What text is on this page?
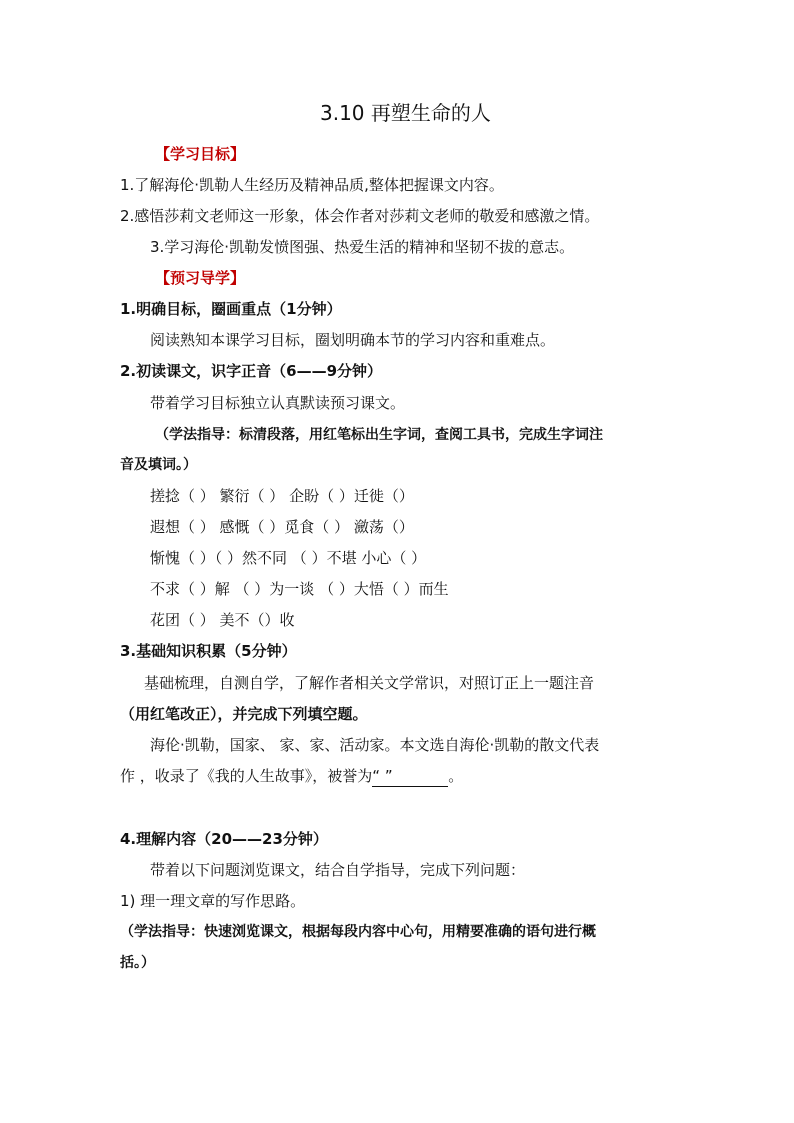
3.10 再塑生命的人
【学习目标】
1.了解海伦·凯勒人生经历及精神品质,整体把握课文内容。
2.感悟莎莉文老师这一形象，体会作者对莎莉文老师的敬爱和感激之情。
3.学习海伦·凯勒发愤图强、热爱生活的精神和坚韧不拔的意志。
【预习导学】
1.明确目标，圈画重点（1分钟）
阅读熟知本课学习目标，圈划明确本节的学习内容和重难点。
2.初读课文，识字正音（6——9分钟）
带着学习目标独立认真默读预习课文。
（学法指导：标清段落，用红笔标出生字词，查阅工具书，完成生字词注
音及填词。）
搓捻（ ） 繁衍（ ） 企盼（ ）迁徙（）
遐想（ ） 感慨（ ）觅食（ ） 瀲荡（）
惭愧（ ）（ ）然不同 （ ）不堪 小心（ ）
不求（ ）解 （ ）为一谈 （ ）大悟（ ）而生
花团（ ） 美不（）收
3.基础知识积累（5分钟）
基础梳理，自测自学，了解作者相关文学常识，对照订正上一题注音
（用红笔改正），并完成下列填空题。
海伦·凯勒，国家、 家、家、活动家。本文选自海伦·凯勒的散文代表
作 ，收录了《我的人生故事》，被誉为“ ”	。
4.理解内容（20——23分钟）
带着以下问题浏览课文，结合自学指导，完成下列问题：
1) 理一理文章的写作思路。
（学法指导：快速浏览课文，根据每段内容中心句，用精要准确的语句进行概
括。）
